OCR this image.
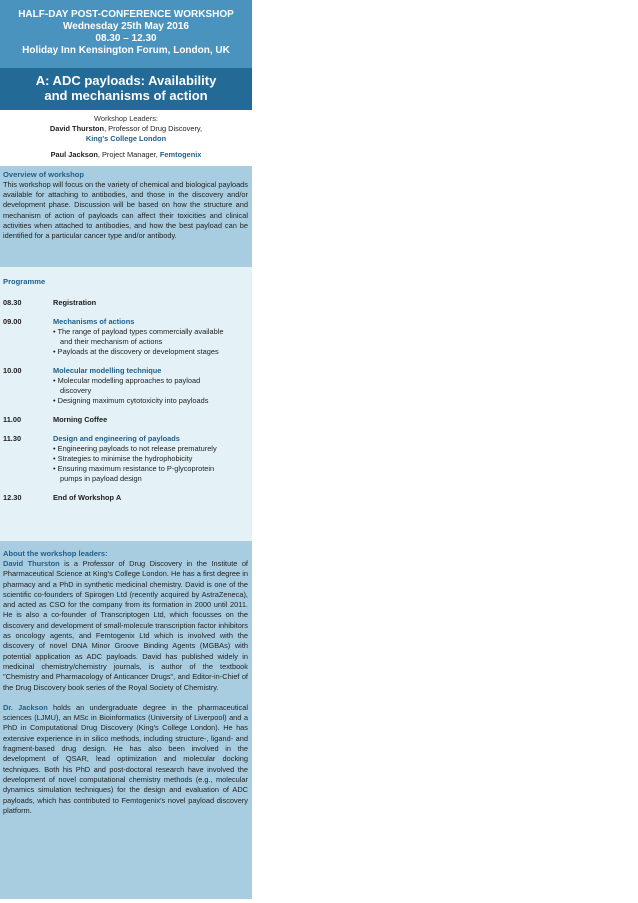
HALF-DAY POST-CONFERENCE WORKSHOP
Wednesday 25th May 2016
08.30 – 12.30
Holiday Inn Kensington Forum, London, UK
A: ADC payloads: Availability
and mechanisms of action
Workshop Leaders:
David Thurston, Professor of Drug Discovery,
King's College London
Paul Jackson, Project Manager, Femtogenix
Overview of workshop
This workshop will focus on the variety of chemical and biological payloads available for attaching to antibodies, and those in the discovery and/or development phase. Discussion will be based on how the structure and mechanism of action of payloads can affect their toxicities and clinical activities when attached to antibodies, and how the best payload can be identified for a particular cancer type and/or antibody.
Programme
08.30	Registration
09.00	Mechanisms of actions
• The range of payload types commercially available and their mechanism of actions
• Payloads at the discovery or development stages
10.00	Molecular modelling technique
• Molecular modelling approaches to payload discovery
• Designing maximum cytotoxicity into payloads
11.00	Morning Coffee
11.30	Design and engineering of payloads
• Engineering payloads to not release prematurely
• Strategies to minimise the hydrophobicity
• Ensuring maximum resistance to P-glycoprotein pumps in payload design
12.30	End of Workshop A
About the workshop leaders:

David Thurston is a Professor of Drug Discovery in the Institute of Pharmaceutical Science at King's College London. He has a first degree in pharmacy and a PhD in synthetic medicinal chemistry. David is one of the scientific co-founders of Spirogen Ltd (recently acquired by AstraZeneca), and acted as CSO for the company from its formation in 2000 until 2011. He is also a co-founder of Transcriptogen Ltd, which focusses on the discovery and development of small-molecule transcription factor inhibitors as oncology agents, and Femtogenix Ltd which is involved with the discovery of novel DNA Minor Groove Binding Agents (MGBAs) with potential application as ADC payloads. David has published widely in medicinal chemistry/chemistry journals, is author of the textbook "Chemistry and Pharmacology of Anticancer Drugs", and Editor-in-Chief of the Drug Discovery book series of the Royal Society of Chemistry.

Dr. Jackson holds an undergraduate degree in the pharmaceutical sciences (LJMU), an MSc in Bioinformatics (University of Liverpool) and a PhD in Computational Drug Discovery (King's College London). He has extensive experience in in silico methods, including structure-, ligand- and fragment-based drug design. He has also been involved in the development of QSAR, lead optimization and molecular docking techniques. Both his PhD and post-doctoral research have involved the development of novel computational chemistry methods (e.g., molecular dynamics simulation techniques) for the design and evaluation of ADC payloads, which has contributed to Femtogenix's novel payload discovery platform.
